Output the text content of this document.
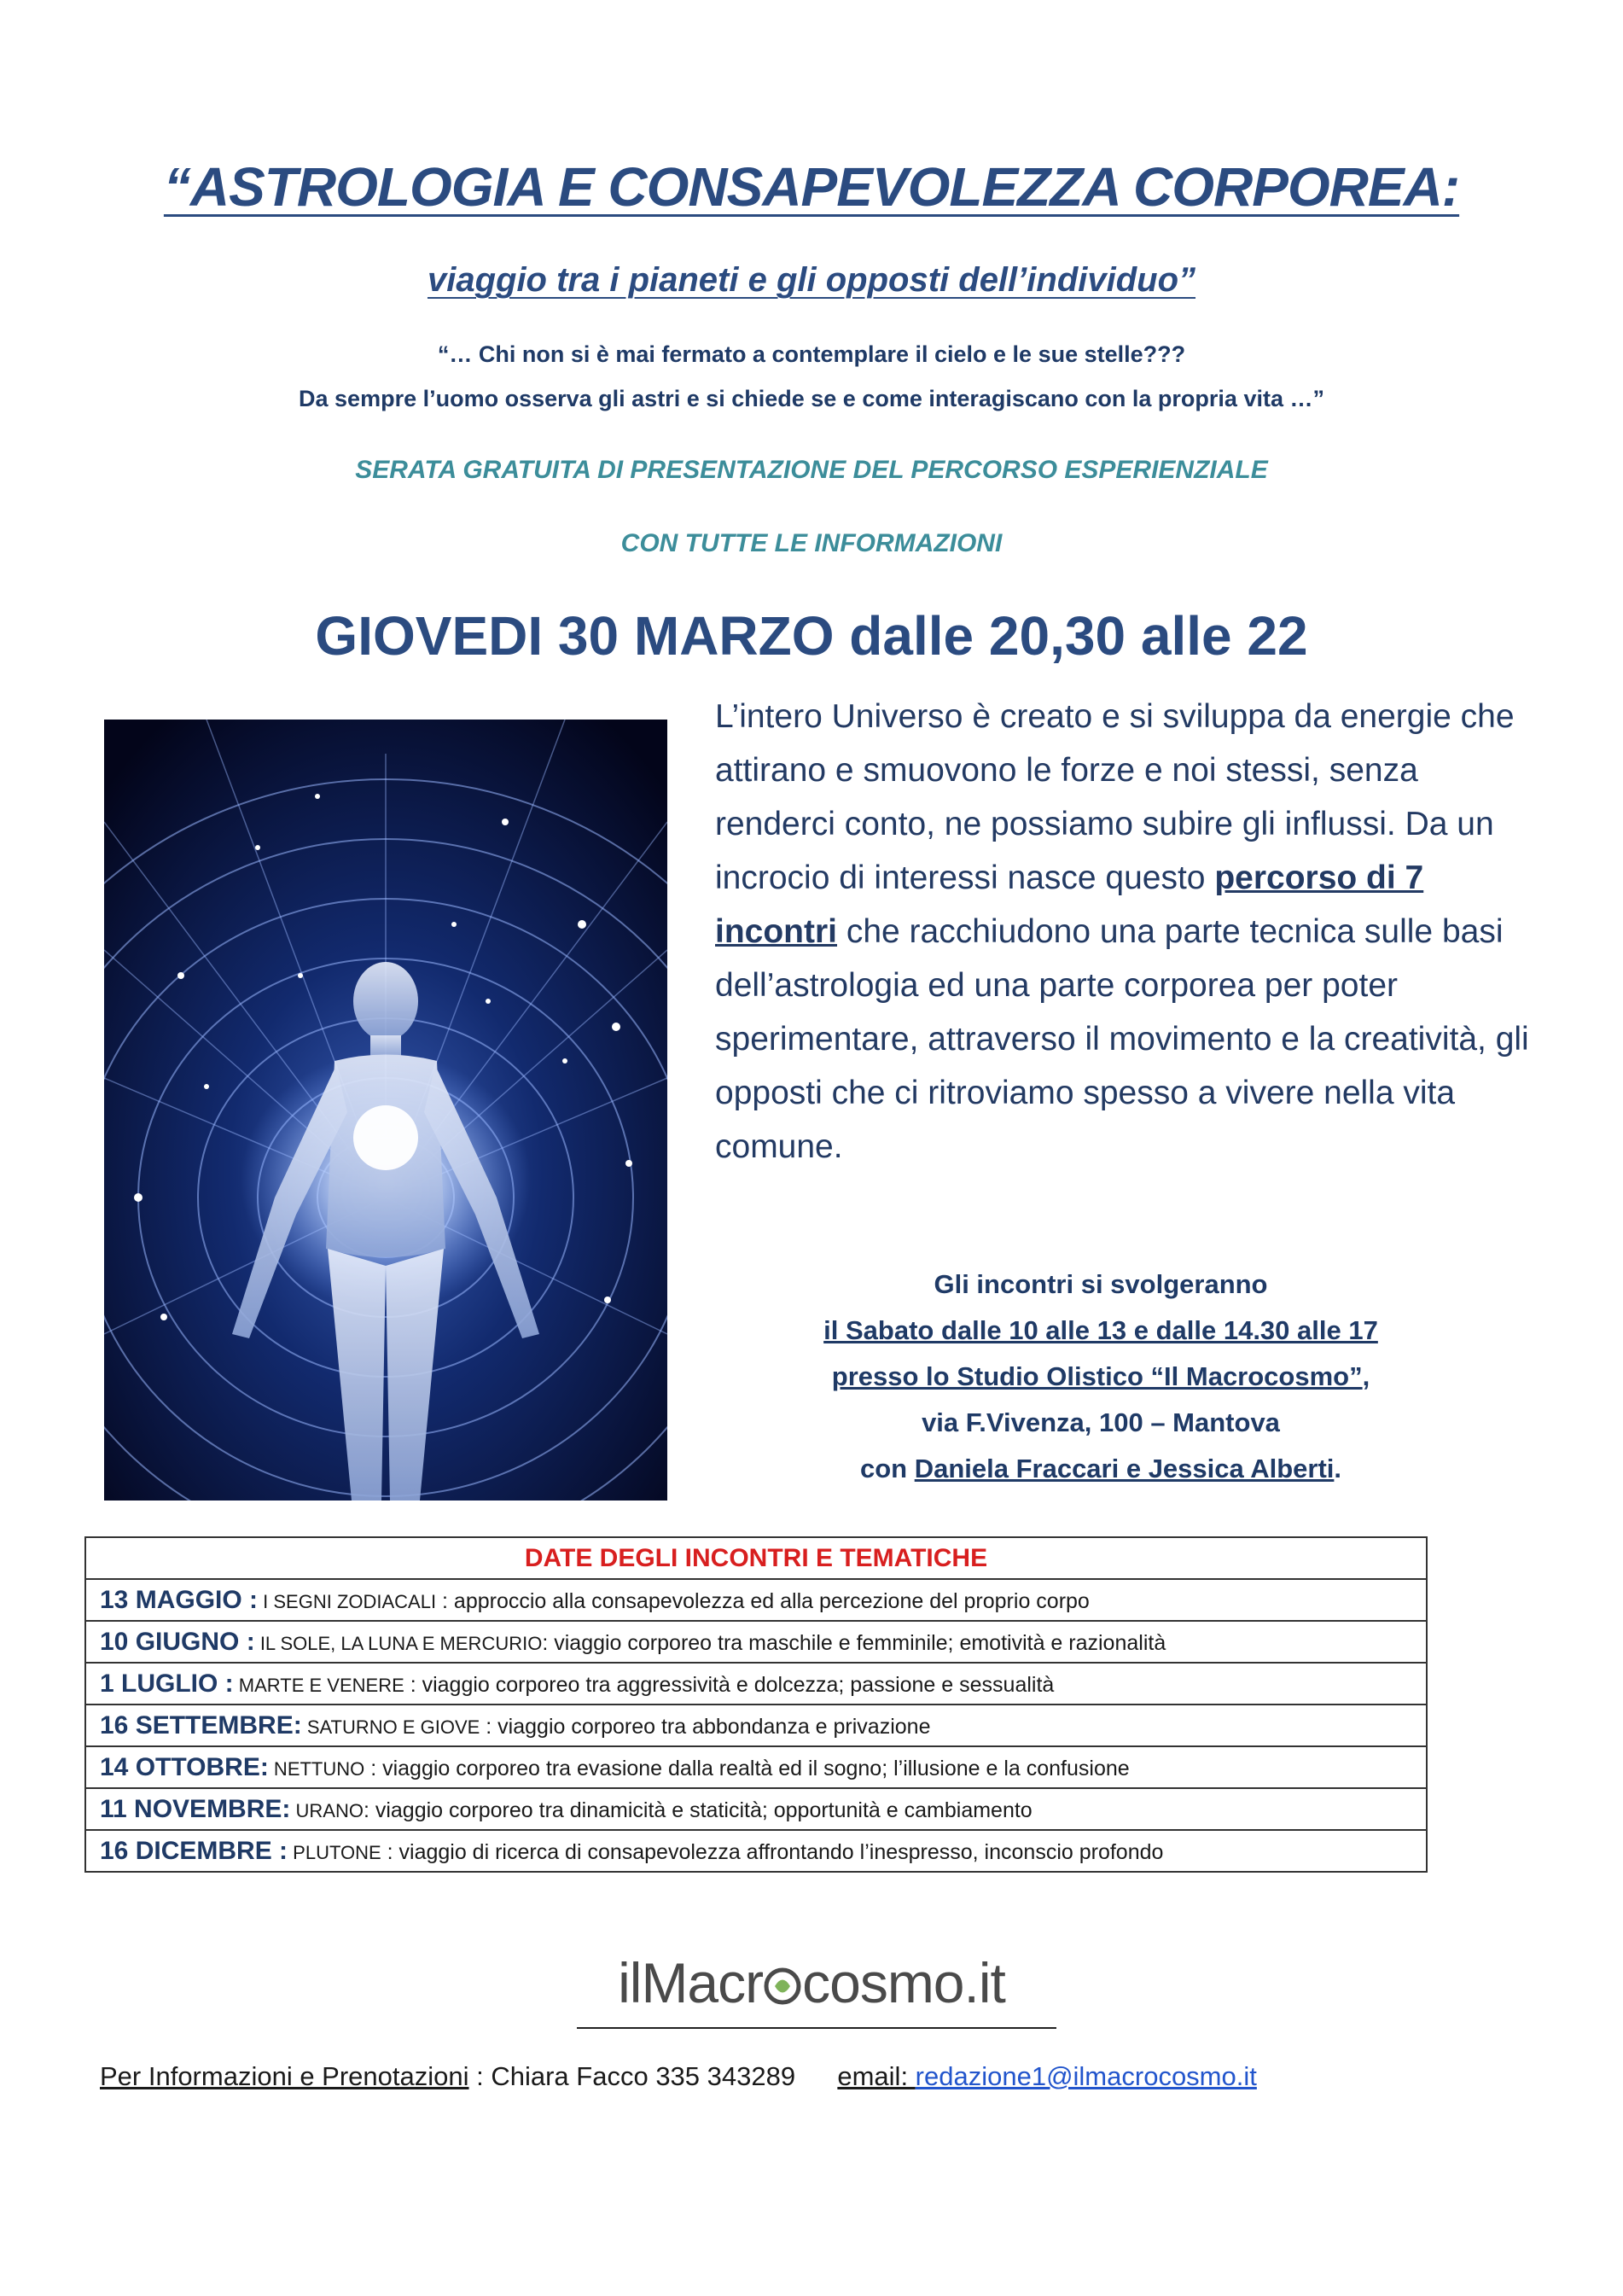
“ASTROLOGIA E CONSAPEVOLEZZA CORPOREA:
viaggio tra i pianeti e gli opposti dell’individuo”
“… Chi non si è mai fermato a contemplare il cielo e le sue stelle???
Da sempre l’uomo osserva gli astri e si chiede se e come interagiscano con la propria vita …”
SERATA GRATUITA DI PRESENTAZIONE DEL PERCORSO ESPERIENZIALE
CON TUTTE LE INFORMAZIONI
GIOVEDI 30 MARZO dalle 20,30 alle 22
L’intero Universo è creato e si sviluppa da energie che attirano e smuovono le forze e noi stessi, senza renderci conto, ne possiamo subire gli influssi. Da un incrocio di interessi nasce questo percorso di 7 incontri che racchiudono una parte tecnica sulle basi dell’astrologia ed una parte corporea per poter sperimentare, attraverso il movimento e la creatività, gli opposti che ci ritroviamo spesso a vivere nella vita comune.
Gli incontri si svolgeranno
il Sabato dalle 10 alle 13 e dalle 14.30 alle 17
presso lo Studio Olistico “Il Macrocosmo”,
via F.Vivenza, 100 – Mantova
con Daniela Fraccari e Jessica Alberti.
DATE DEGLI INCONTRI E TEMATICHE
13 MAGGIO : I SEGNI ZODIACALI : approccio alla consapevolezza ed alla percezione del proprio corpo
10 GIUGNO : IL SOLE, LA LUNA E MERCURIO: viaggio corporeo tra maschile e femminile; emotività e razionalità
1 LUGLIO : MARTE E VENERE : viaggio corporeo tra aggressività e dolcezza; passione e sessualità
16 SETTEMBRE: SATURNO E GIOVE : viaggio corporeo tra abbondanza e privazione
14 OTTOBRE: NETTUNO : viaggio corporeo tra evasione dalla realtà ed il sogno; l’illusione e la confusione
11 NOVEMBRE: URANO: viaggio corporeo tra dinamicità e staticità; opportunità e cambiamento
16 DICEMBRE : PLUTONE : viaggio di ricerca di consapevolezza affrontando l’inespresso, inconscio profondo
ilMacr cosmo.it
Per Informazioni e Prenotazioni : Chiara Facco 335 343289 email: redazione1@ilmacrocosmo.it
